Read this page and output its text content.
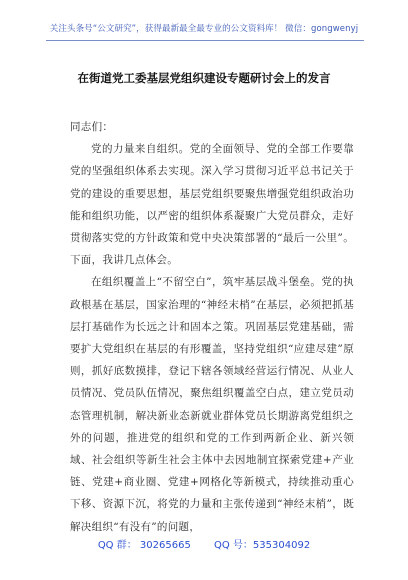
关注头条号“公文研究”，获得最新最全最专业的公文资料库！ 微信：gongwenyj
在街道党工委基层党组织建设专题研讨会上的发言

同志们：

党的力量来自组织。党的全面领导、党的全部工作要靠党的坚强组织体系去实现。深入学习贯彻习近平总书记关于党的建设的重要思想，基层党组织要聚焦增强党组织政治功能和组织功能，以严密的组织体系凝聚广大党员群众，走好贯彻落实党的方针政策和党中央决策部署的“最后一公里”。下面，我讲几点体会。

在组织覆盖上“不留空白”，筑牢基层战斗堡垒。党的执政根基在基层，国家治理的“神经末梢”在基层，必须把抓基层打基础作为长远之计和固本之策。巩固基层党建基础，需要扩大党组织在基层的有形覆盖，坚持党组织“应建尽建”原则，抓好底数摸排，登记下辖各领域经营运行情况、从业人员情况、党员队伍情况，聚焦组织覆盖空白点，建立党员动态管理机制，解决新业态新就业群体党员长期游离党组织之外的问题，推进党的组织和党的工作到两新企业、新兴领域、社会组织等新生社会主体中去因地制宜探索党建+产业链、党建+商业圈、党建+网格化等新模式，持续推动重心下移、资源下沉，将党的力量和主张传递到“神经末梢”，既解决组织“有没有”的问题，

QQ 群： 30265665 QQ 号：535304092
